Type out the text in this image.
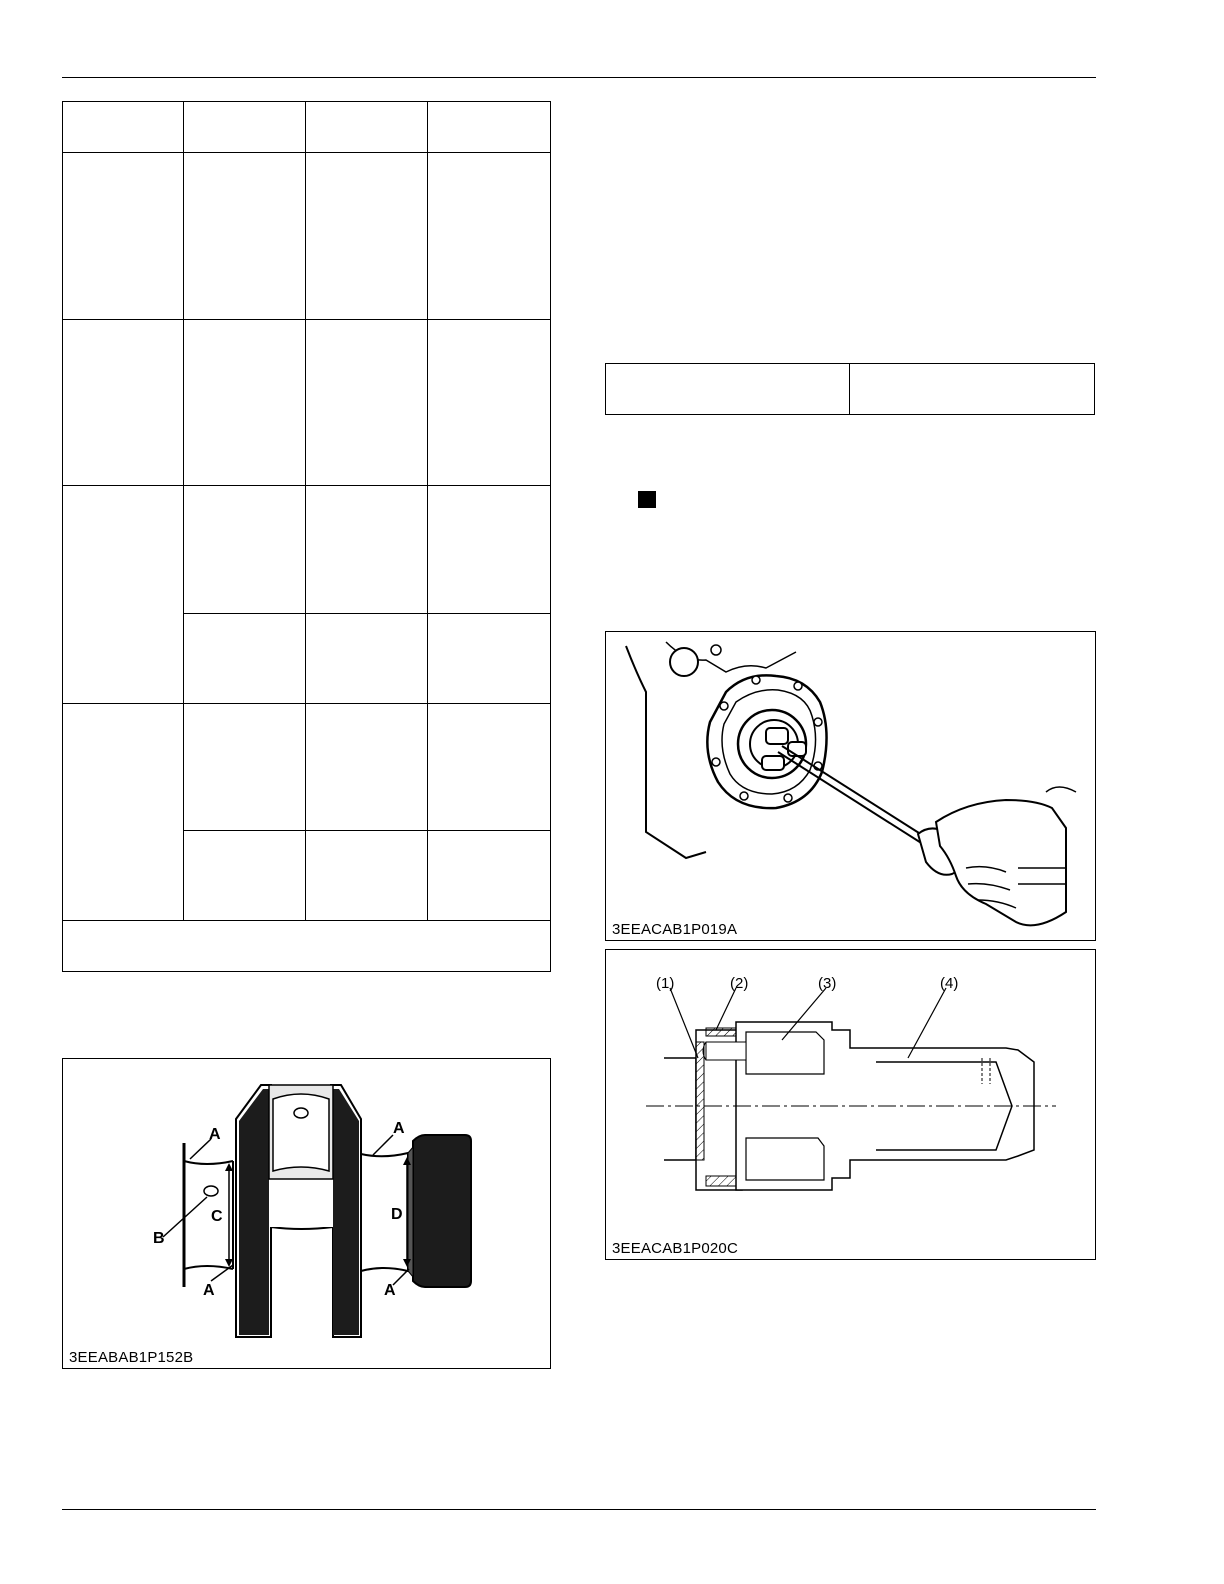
A
B
C
A
A
D
A
3EEABAB1P152B
3EEACAB1P019A
(1)	(2)	(3)	(4)
3EEACAB1P020C
